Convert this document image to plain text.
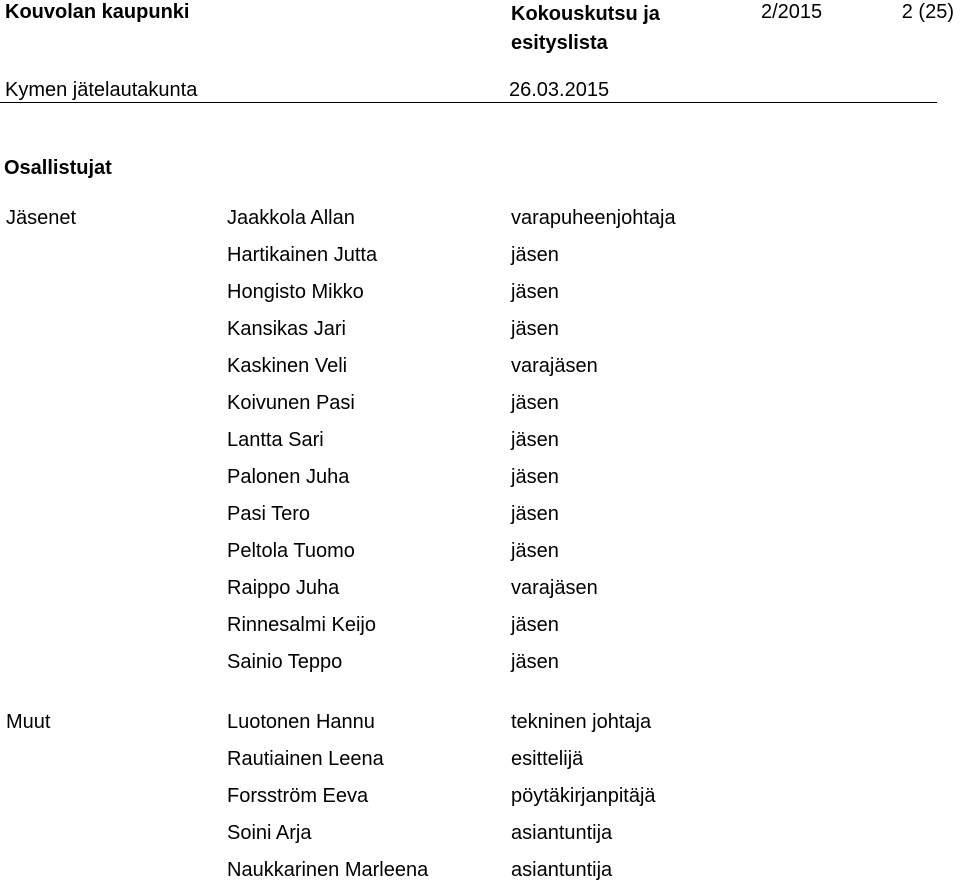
Kouvolan kaupunki	Kokouskutsu ja
esityslista
2/2015	2 (25)
Kymen jätelautakunta	26.03.2015
Osallistujat
Jäsenet	Jaakkola Allan	varapuheenjohtaja
Hartikainen Jutta	jäsen
Hongisto Mikko	jäsen
Kansikas Jari	jäsen
Kaskinen Veli	varajäsen
Koivunen Pasi	jäsen
Lantta Sari	jäsen
Palonen Juha	jäsen
Pasi Tero	jäsen
Peltola Tuomo	jäsen
Raippo Juha	varajäsen
Rinnesalmi Keijo	jäsen
Sainio Teppo	jäsen
Muut	Luotonen Hannu	tekninen johtaja
Rautiainen Leena	esittelijä
Forsström Eeva	pöytäkirjanpitäjä
Soini Arja	asiantuntija
Naukkarinen Marleena	asiantuntija
